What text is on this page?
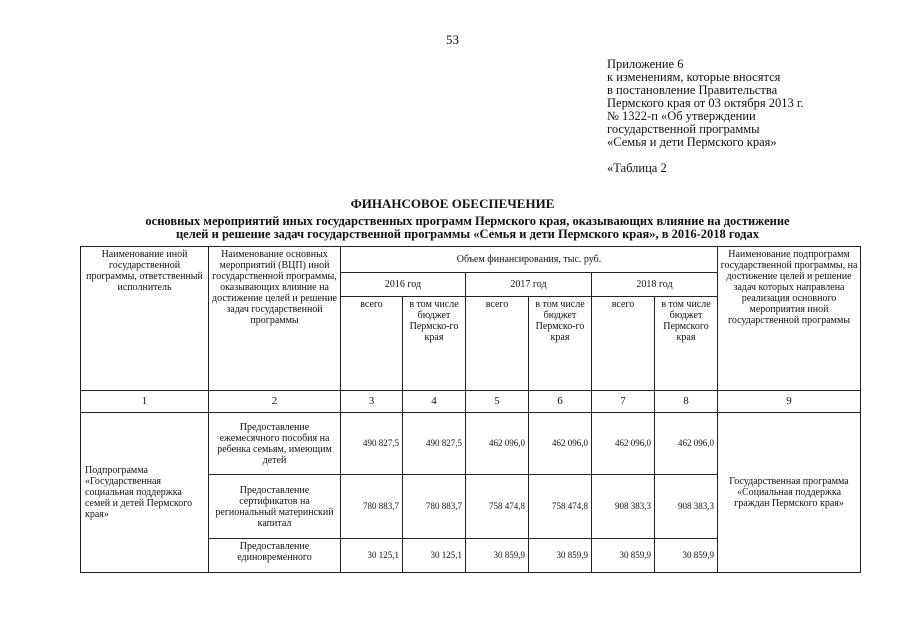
53
Приложение 6
к изменениям, которые вносятся
в постановление Правительства
Пермского края от 03 октября 2013 г.
№ 1322-п «Об утверждении
государственной программы
«Семья и дети Пермского края»
«Таблица 2
ФИНАНСОВОЕ ОБЕСПЕЧЕНИЕ
основных мероприятий иных государственных программ Пермского края, оказывающих влияние на достижение
целей и решение задач государственной программы «Семья и дети Пермского края», в 2016-2018 годах
Наименование иной государственной программы, ответственный исполнитель	Наименование основных мероприятий (ВЦП) иной государственной программы, оказывающих влияние на достижение целей и решение задач государственной программы	Объем финансирования, тыс. руб.						Наименование подпрограмм государственной программы, на достижение целей и решение задач которых направлена реализация основного мероприятия иной государственной программы
		2016 год		2017 год		2018 год		
		всего	в том числе бюджет Пермско-го края	всего	в том числе бюджет Пермско-го края	всего	в том числе бюджет Пермского края	
1	2	3	4	5	6	7	8	9
Подпрограмма «Государственная социальная поддержка семей и детей Пермского края»	Предоставление ежемесячного пособия на ребенка семьям, имеющим детей	490 827,5	490 827,5	462 096,0	462 096,0	462 096,0	462 096,0	Государственная программа «Социальная поддержка граждан Пермского края»
	Предоставление сертификатов на региональный материнский капитал	780 883,7	780 883,7	758 474,8	758 474,8	908 383,3	908 383,3	
	Предоставление единовременного	30 125,1	30 125,1	30 859,9	30 859,9	30 859,9	30 859,9	
